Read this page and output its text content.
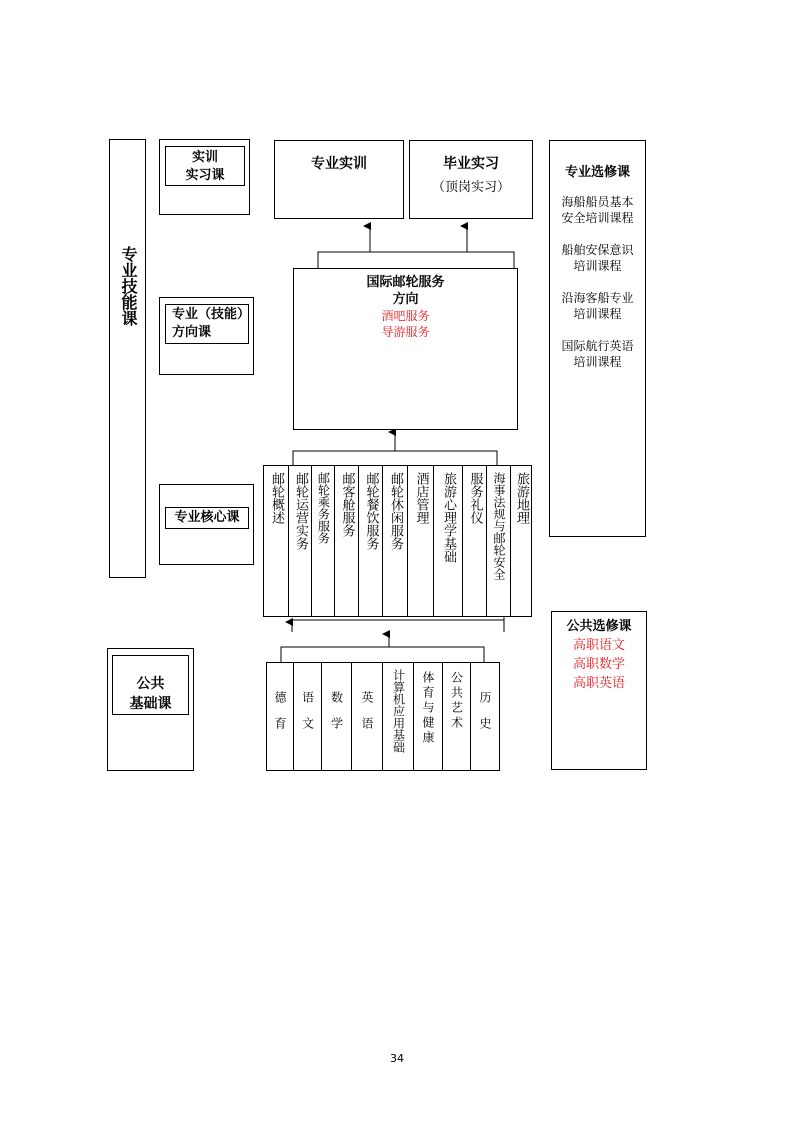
专业技能课
实训
实习课
专业（技能）
方向课
专业核心课
公共
基础课
专业实训	毕业实习
（顶岗实习）
国际邮轮服务
方向
酒吧服务
导游服务
邮轮概述 邮轮运营实务 邮轮乘务服务 邮客舱服务 邮轮餐饮服务 邮轮休闲服务 酒店管理 旅游心理学基础 服务礼仪 海事法规与邮轮安全 旅游地理
德育 语文 数学 英语 计算机应用基础 体育与健康 公共艺术 历史
专业选修课
海船船员基本安全培训课程
船舶安保意识培训课程
沿海客船专业培训课程
国际航行英语培训课程
公共选修课
高职语文
高职数学
高职英语
34
